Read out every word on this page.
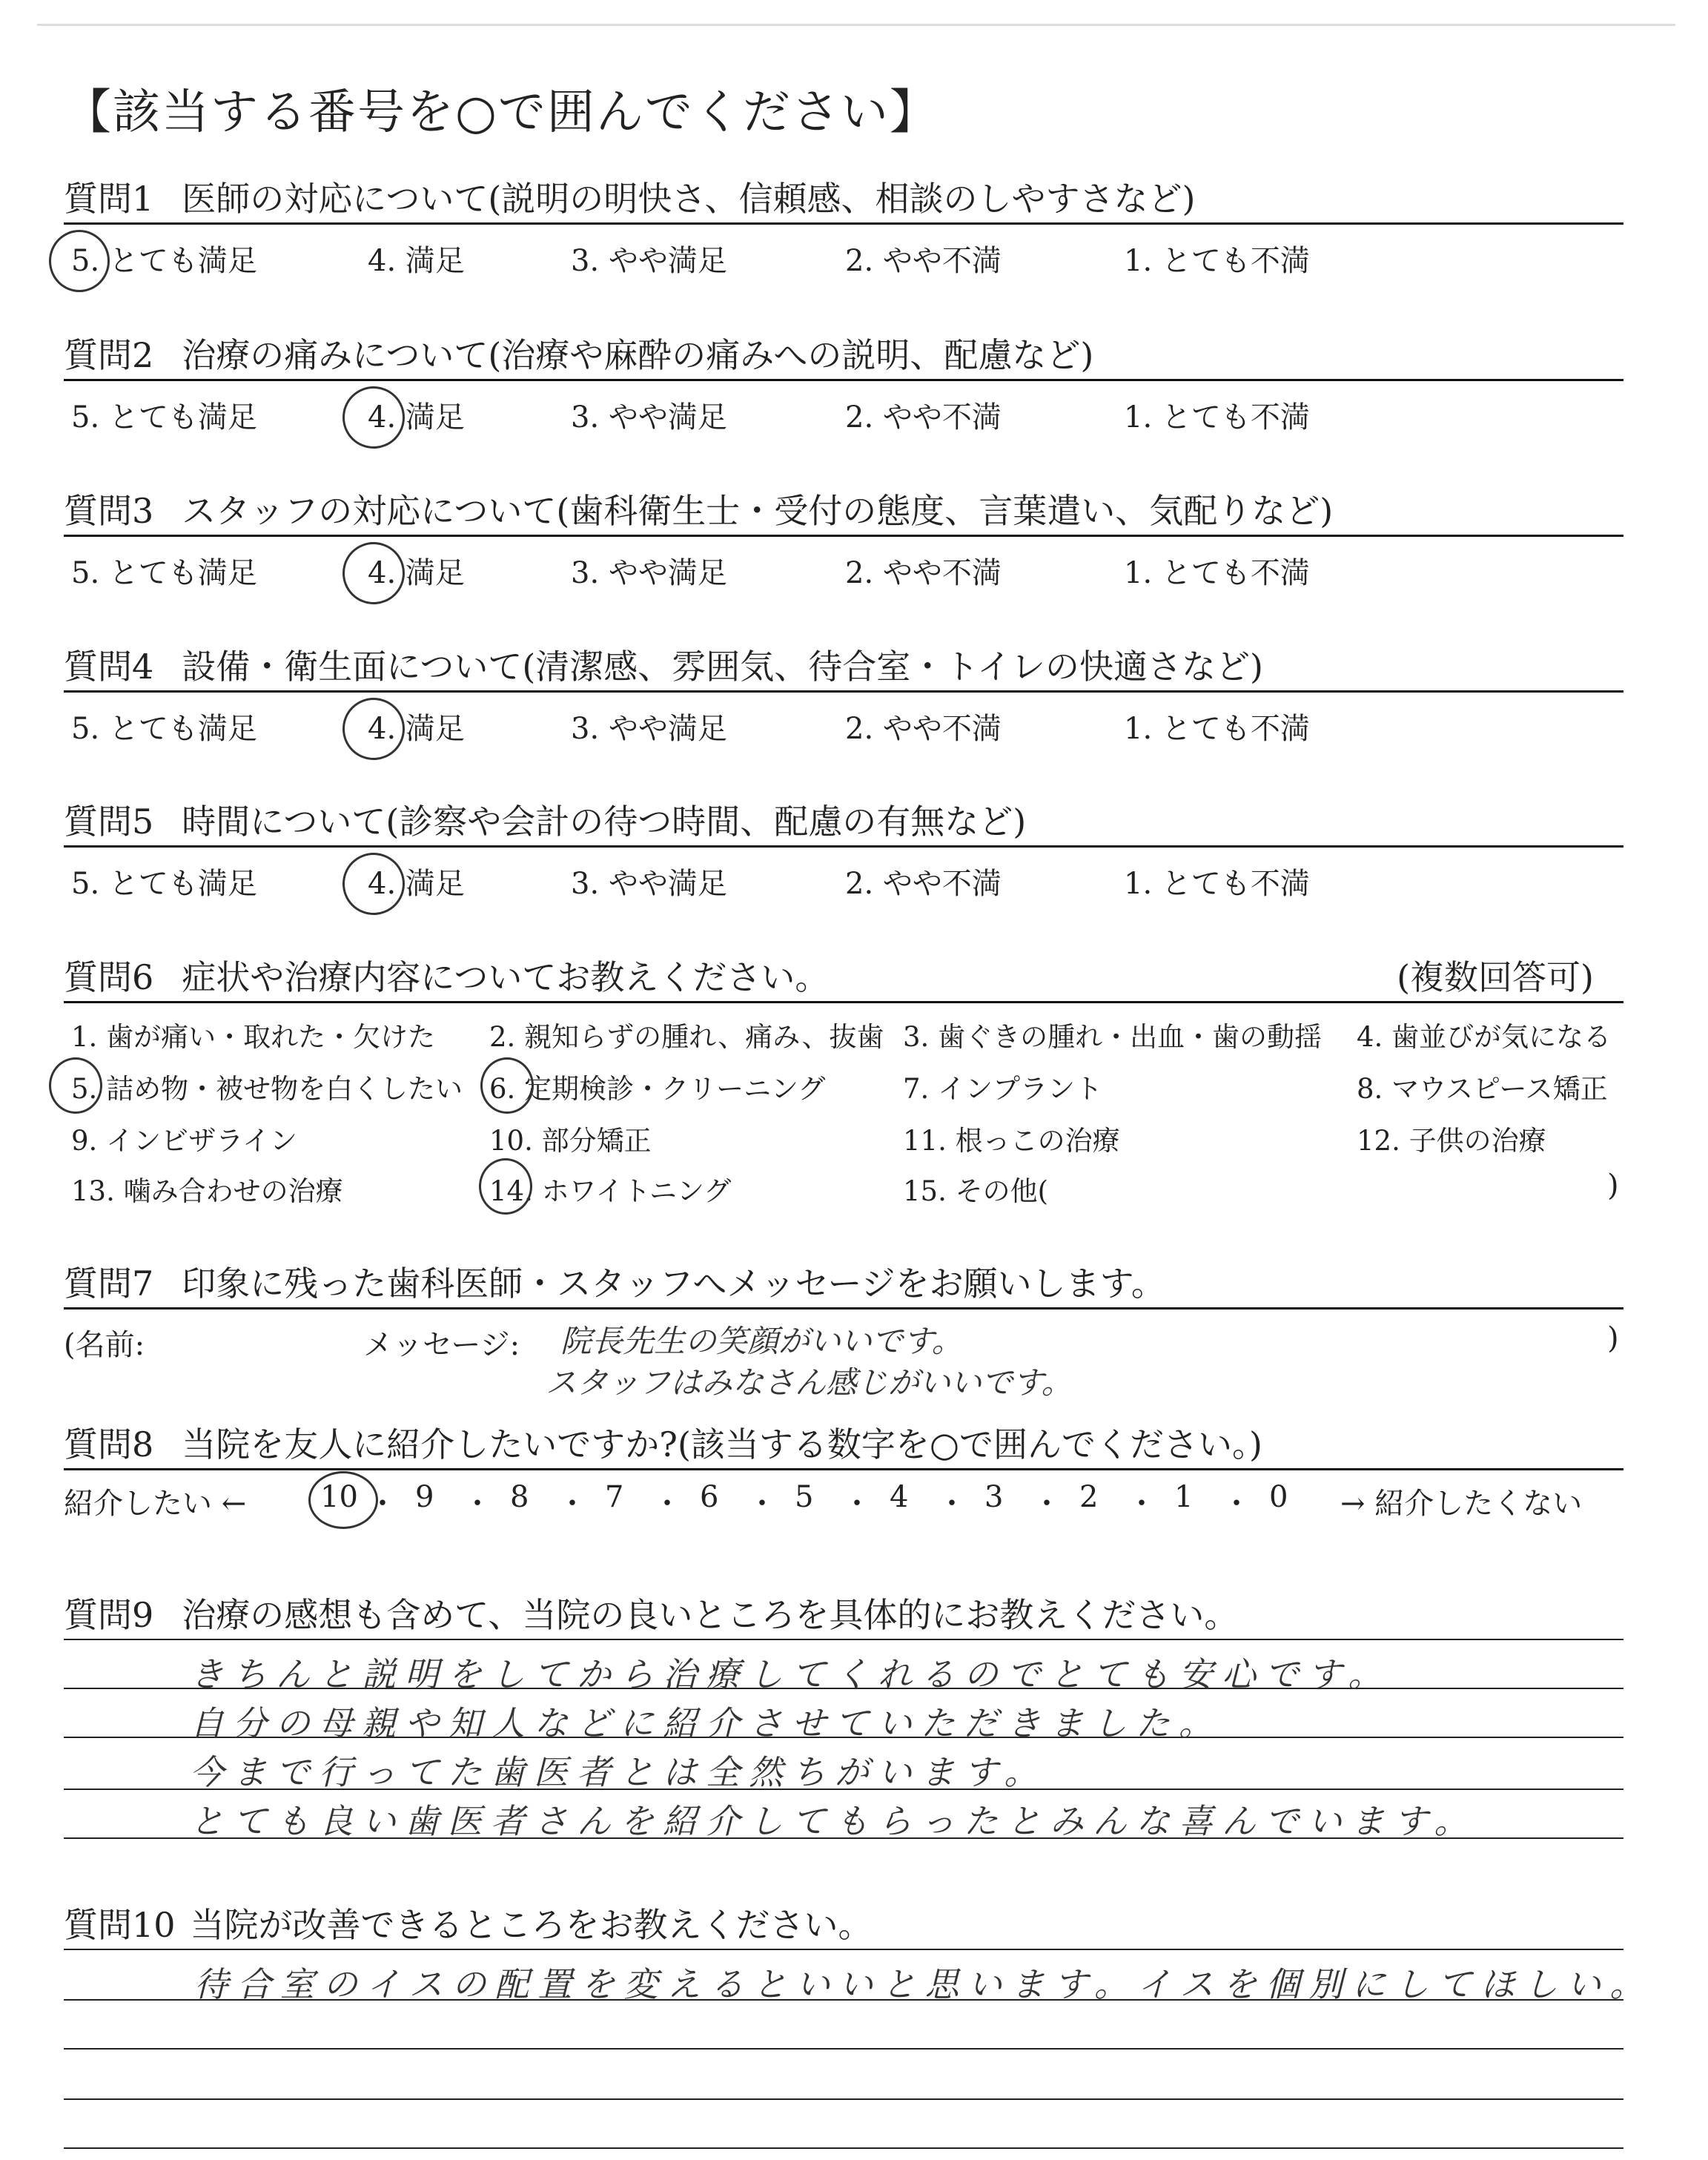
【該当する番号を○で囲んでください】
質問1 医師の対応について(説明の明快さ、信頼感、相談のしやすさなど)
5. とても満足	4. 満足	3. やや満足	2. やや不満	1. とても不満
質問2 治療の痛みについて(治療や麻酔の痛みへの説明、配慮など)
5. とても満足	4. 満足	3. やや満足	2. やや不満	1. とても不満
質問3 スタッフの対応について(歯科衛生士・受付の態度、言葉遣い、気配りなど)
5. とても満足	4. 満足	3. やや満足	2. やや不満	1. とても不満
質問4 設備・衛生面について(清潔感、雰囲気、待合室・トイレの快適さなど)
5. とても満足	4. 満足	3. やや満足	2. やや不満	1. とても不満
質問5 時間について(診察や会計の待つ時間、配慮の有無など)
5. とても満足	4. 満足	3. やや満足	2. やや不満	1. とても不満
質問6 症状や治療内容についてお教えください。	(複数回答可)
1. 歯が痛い・取れた・欠けた 2. 親知らずの腫れ、痛み、抜歯 3. 歯ぐきの腫れ・出血・歯の動揺 4. 歯並びが気になる
5. 詰め物・被せ物を白くしたい 6. 定期検診・クリーニング	7. インプラント	8. マウスピース矯正
9. インビザライン	10. 部分矯正	11. 根っこの治療	12. 子供の治療
13. 噛み合わせの治療	14. ホワイトニング	15. その他(	)
質問7 印象に残った歯科医師・スタッフへメッセージをお願いします。
(名前:	メッセージ:	)
院長先生の笑顔がいいです。
スタッフはみなさん感じがいいです。
質問8 当院を友人に紹介したいですか?(該当する数字を○で囲んでください。)
紹介したい ←	→ 紹介したくない
10 ・ 9 ・ 8 ・ 7 ・ 6 ・ 5 ・ 4 ・ 3 ・ 2 ・ 1 ・ 0
質問9 治療の感想も含めて、当院の良いところを具体的にお教えください。
きちんと説明をしてから治療してくれるのでとても安心です。
自分の母親や知人などに紹介させていただきました。
今まで行ってた歯医者とは全然ちがいます。
とても良い歯医者さんを紹介してもらったとみんな喜んでいます。
質問10 当院が改善できるところをお教えください。
待合室のイスの配置を変えるといいと思います。イスを個別にしてほしい。
